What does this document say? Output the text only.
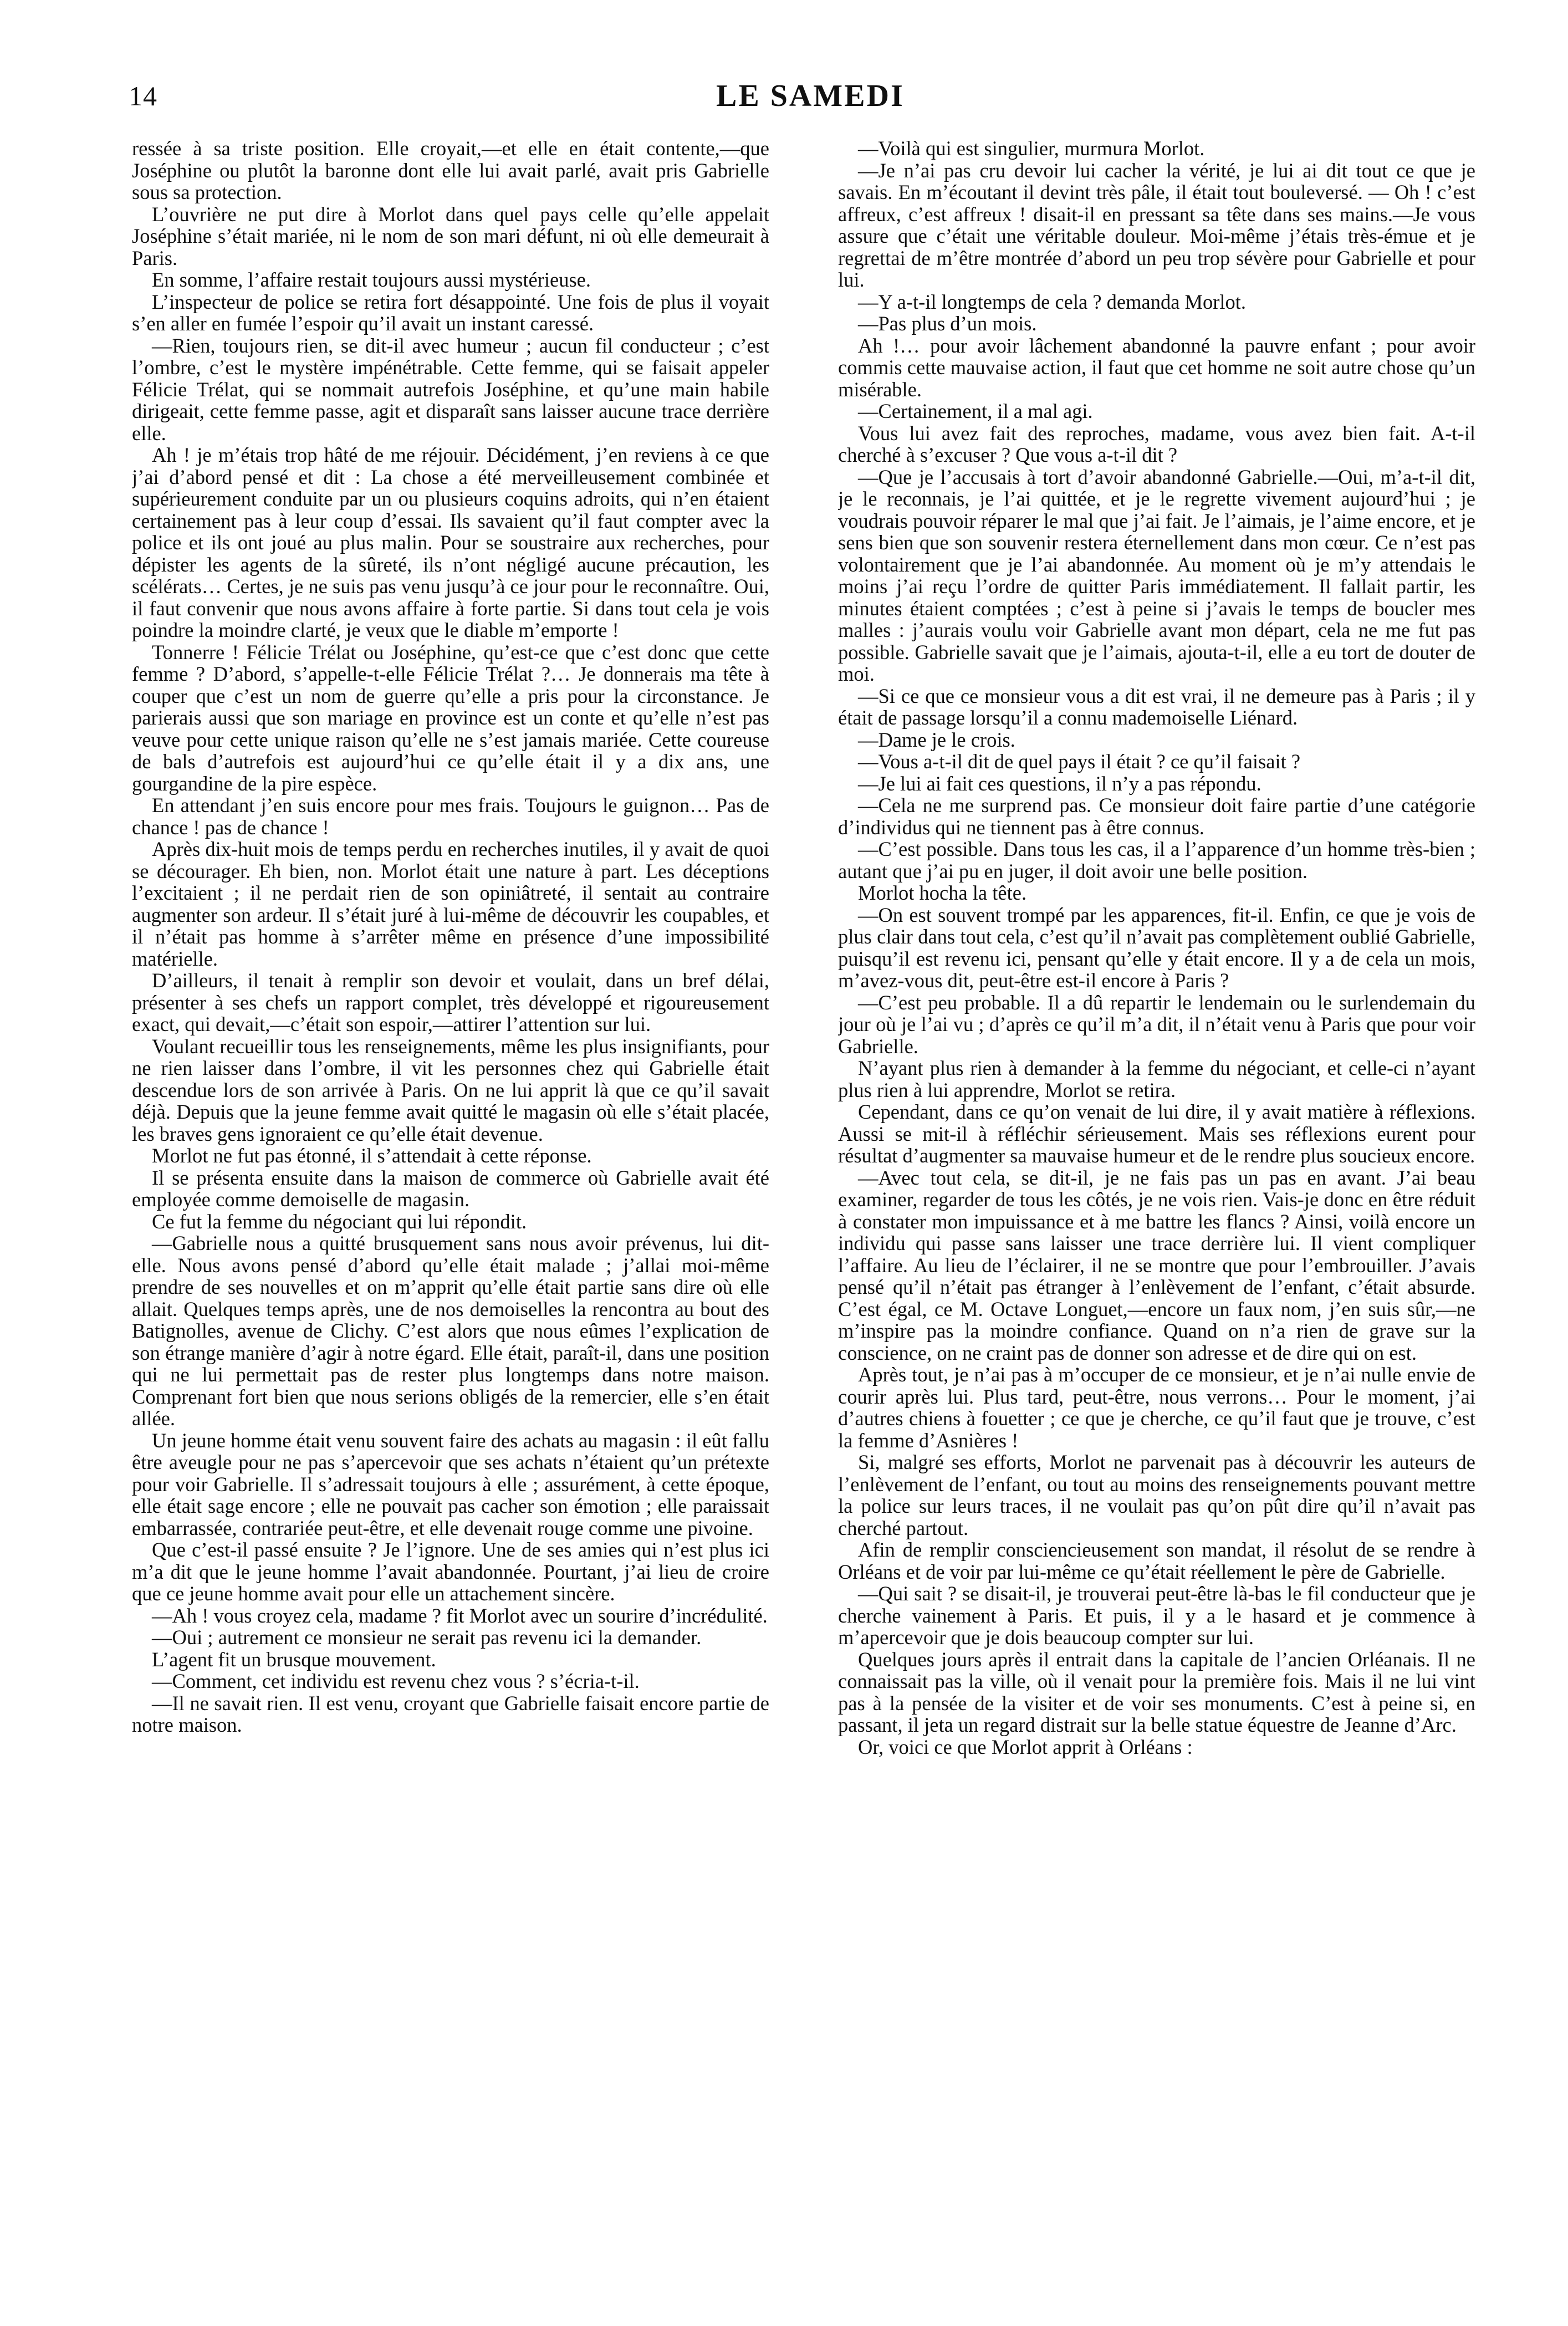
14	LE SAMEDI

ressée à sa triste position. Elle croyait,—et elle en était contente,—que Joséphine ou plutôt la baronne dont elle lui avait parlé, avait pris Gabrielle sous sa protection.

L’ouvrière ne put dire à Morlot dans quel pays celle qu’elle appelait Joséphine s’était mariée, ni le nom de son mari défunt, ni où elle demeurait à Paris.

En somme, l’affaire restait toujours aussi mystérieuse.

L’inspecteur de police se retira fort désappointé. Une fois de plus il voyait s’en aller en fumée l’espoir qu’il avait un instant caressé.

—Rien, toujours rien, se dit-il avec humeur ; aucun fil conducteur ; c’est l’ombre, c’est le mystère impénétrable. Cette femme, qui se faisait appeler Félicie Trélat, qui se nommait autrefois Joséphine, et qu’une main habile dirigeait, cette femme passe, agit et disparaît sans laisser aucune trace derrière elle.

Ah ! je m’étais trop hâté de me réjouir. Décidément, j’en reviens à ce que j’ai d’abord pensé et dit : La chose a été merveilleusement combinée et supérieurement conduite par un ou plusieurs coquins adroits, qui n’en étaient certainement pas à leur coup d’essai. Ils savaient qu’il faut compter avec la police et ils ont joué au plus malin. Pour se soustraire aux recherches, pour dépister les agents de la sûreté, ils n’ont négligé aucune précaution, les scélérats… Certes, je ne suis pas venu jusqu’à ce jour pour le reconnaître. Oui, il faut convenir que nous avons affaire à forte partie. Si dans tout cela je vois poindre la moindre clarté, je veux que le diable m’emporte !

Tonnerre ! Félicie Trélat ou Joséphine, qu’est-ce que c’est donc que cette femme ? D’abord, s’appelle-t-elle Félicie Trélat ?… Je donnerais ma tête à couper que c’est un nom de guerre qu’elle a pris pour la circonstance. Je parierais aussi que son mariage en province est un conte et qu’elle n’est pas veuve pour cette unique raison qu’elle ne s’est jamais mariée. Cette coureuse de bals d’autrefois est aujourd’hui ce qu’elle était il y a dix ans, une gourgandine de la pire espèce.

En attendant j’en suis encore pour mes frais. Toujours le guignon… Pas de chance ! pas de chance !

Après dix-huit mois de temps perdu en recherches inutiles, il y avait de quoi se décourager. Eh bien, non. Morlot était une nature à part. Les déceptions l’excitaient ; il ne perdait rien de son opiniâtreté, il sentait au contraire augmenter son ardeur. Il s’était juré à lui-même de découvrir les coupables, et il n’était pas homme à s’arrêter même en présence d’une impossibilité matérielle.

D’ailleurs, il tenait à remplir son devoir et voulait, dans un bref délai, présenter à ses chefs un rapport complet, très développé et rigoureusement exact, qui devait,—c’était son espoir,—attirer l’attention sur lui.

Voulant recueillir tous les renseignements, même les plus insignifiants, pour ne rien laisser dans l’ombre, il vit les personnes chez qui Gabrielle était descendue lors de son arrivée à Paris. On ne lui apprit là que ce qu’il savait déjà. Depuis que la jeune femme avait quitté le magasin où elle s’était placée, les braves gens ignoraient ce qu’elle était devenue.

Morlot ne fut pas étonné, il s’attendait à cette réponse.

Il se présenta ensuite dans la maison de commerce où Gabrielle avait été employée comme demoiselle de magasin.

Ce fut la femme du négociant qui lui répondit.

—Gabrielle nous a quitté brusquement sans nous avoir prévenus, lui dit-elle. Nous avons pensé d’abord qu’elle était malade ; j’allai moi-même prendre de ses nouvelles et on m’apprit qu’elle était partie sans dire où elle allait. Quelques temps après, une de nos demoiselles la rencontra au bout des Batignolles, avenue de Clichy. C’est alors que nous eûmes l’explication de son étrange manière d’agir à notre égard. Elle était, paraît-il, dans une position qui ne lui permettait pas de rester plus longtemps dans notre maison. Comprenant fort bien que nous serions obligés de la remercier, elle s’en était allée.

Un jeune homme était venu souvent faire des achats au magasin : il eût fallu être aveugle pour ne pas s’apercevoir que ses achats n’étaient qu’un prétexte pour voir Gabrielle. Il s’adressait toujours à elle ; assurément, à cette époque, elle était sage encore ; elle ne pouvait pas cacher son émotion ; elle paraissait embarrassée, contrariée peut-être, et elle devenait rouge comme une pivoine.

Que c’est-il passé ensuite ? Je l’ignore. Une de ses amies qui n’est plus ici m’a dit que le jeune homme l’avait abandonnée. Pourtant, j’ai lieu de croire que ce jeune homme avait pour elle un attachement sincère.

—Ah ! vous croyez cela, madame ? fit Morlot avec un sourire d’incrédulité.

—Oui ; autrement ce monsieur ne serait pas revenu ici la demander.

L’agent fit un brusque mouvement.

—Comment, cet individu est revenu chez vous ? s’écria-t-il.

—Il ne savait rien. Il est venu, croyant que Gabrielle faisait encore partie de notre maison.

—Voilà qui est singulier, murmura Morlot.

—Je n’ai pas cru devoir lui cacher la vérité, je lui ai dit tout ce que je savais. En m’écoutant il devint très pâle, il était tout bouleversé. — Oh ! c’est affreux, c’est affreux ! disait-il en pressant sa tête dans ses mains.—Je vous assure que c’était une véritable douleur. Moi-même j’étais très-émue et je regrettai de m’être montrée d’abord un peu trop sévère pour Gabrielle et pour lui.

—Y a-t-il longtemps de cela ? demanda Morlot.

—Pas plus d’un mois.

Ah !… pour avoir lâchement abandonné la pauvre enfant ; pour avoir commis cette mauvaise action, il faut que cet homme ne soit autre chose qu’un misérable.

—Certainement, il a mal agi.

Vous lui avez fait des reproches, madame, vous avez bien fait. A-t-il cherché à s’excuser ? Que vous a-t-il dit ?

—Que je l’accusais à tort d’avoir abandonné Gabrielle.—Oui, m’a-t-il dit, je le reconnais, je l’ai quittée, et je le regrette vivement aujourd’hui ; je voudrais pouvoir réparer le mal que j’ai fait. Je l’aimais, je l’aime encore, et je sens bien que son souvenir restera éternellement dans mon cœur. Ce n’est pas volontairement que je l’ai abandonnée. Au moment où je m’y attendais le moins j’ai reçu l’ordre de quitter Paris immédiatement. Il fallait partir, les minutes étaient comptées ; c’est à peine si j’avais le temps de boucler mes malles : j’aurais voulu voir Gabrielle avant mon départ, cela ne me fut pas possible. Gabrielle savait que je l’aimais, ajouta-t-il, elle a eu tort de douter de moi.

—Si ce que ce monsieur vous a dit est vrai, il ne demeure pas à Paris ; il y était de passage lorsqu’il a connu mademoiselle Liénard.

—Dame je le crois.

—Vous a-t-il dit de quel pays il était ? ce qu’il faisait ?

—Je lui ai fait ces questions, il n’y a pas répondu.

—Cela ne me surprend pas. Ce monsieur doit faire partie d’une catégorie d’individus qui ne tiennent pas à être connus.

—C’est possible. Dans tous les cas, il a l’apparence d’un homme très-bien ; autant que j’ai pu en juger, il doit avoir une belle position.

Morlot hocha la tête.

—On est souvent trompé par les apparences, fit-il. Enfin, ce que je vois de plus clair dans tout cela, c’est qu’il n’avait pas complètement oublié Gabrielle, puisqu’il est revenu ici, pensant qu’elle y était encore. Il y a de cela un mois, m’avez-vous dit, peut-être est-il encore à Paris ?

—C’est peu probable. Il a dû repartir le lendemain ou le surlendemain du jour où je l’ai vu ; d’après ce qu’il m’a dit, il n’était venu à Paris que pour voir Gabrielle.

N’ayant plus rien à demander à la femme du négociant, et celle-ci n’ayant plus rien à lui apprendre, Morlot se retira.

Cependant, dans ce qu’on venait de lui dire, il y avait matière à réflexions. Aussi se mit-il à réfléchir sérieusement. Mais ses réflexions eurent pour résultat d’augmenter sa mauvaise humeur et de le rendre plus soucieux encore.

—Avec tout cela, se dit-il, je ne fais pas un pas en avant. J’ai beau examiner, regarder de tous les côtés, je ne vois rien. Vais-je donc en être réduit à constater mon impuissance et à me battre les flancs ? Ainsi, voilà encore un individu qui passe sans laisser une trace derrière lui. Il vient compliquer l’affaire. Au lieu de l’éclairer, il ne se montre que pour l’embrouiller. J’avais pensé qu’il n’était pas étranger à l’enlèvement de l’enfant, c’était absurde. C’est égal, ce M. Octave Longuet,—encore un faux nom, j’en suis sûr,—ne m’inspire pas la moindre confiance. Quand on n’a rien de grave sur la conscience, on ne craint pas de donner son adresse et de dire qui on est.

Après tout, je n’ai pas à m’occuper de ce monsieur, et je n’ai nulle envie de courir après lui. Plus tard, peut-être, nous verrons… Pour le moment, j’ai d’autres chiens à fouetter ; ce que je cherche, ce qu’il faut que je trouve, c’est la femme d’Asnières !

Si, malgré ses efforts, Morlot ne parvenait pas à découvrir les auteurs de l’enlèvement de l’enfant, ou tout au moins des renseignements pouvant mettre la police sur leurs traces, il ne voulait pas qu’on pût dire qu’il n’avait pas cherché partout.

Afin de remplir consciencieusement son mandat, il résolut de se rendre à Orléans et de voir par lui-même ce qu’était réellement le père de Gabrielle.

—Qui sait ? se disait-il, je trouverai peut-être là-bas le fil conducteur que je cherche vainement à Paris. Et puis, il y a le hasard et je commence à m’apercevoir que je dois beaucoup compter sur lui.

Quelques jours après il entrait dans la capitale de l’ancien Orléanais. Il ne connaissait pas la ville, où il venait pour la première fois. Mais il ne lui vint pas à la pensée de la visiter et de voir ses monuments. C’est à peine si, en passant, il jeta un regard distrait sur la belle statue équestre de Jeanne d’Arc.

Or, voici ce que Morlot apprit à Orléans :
